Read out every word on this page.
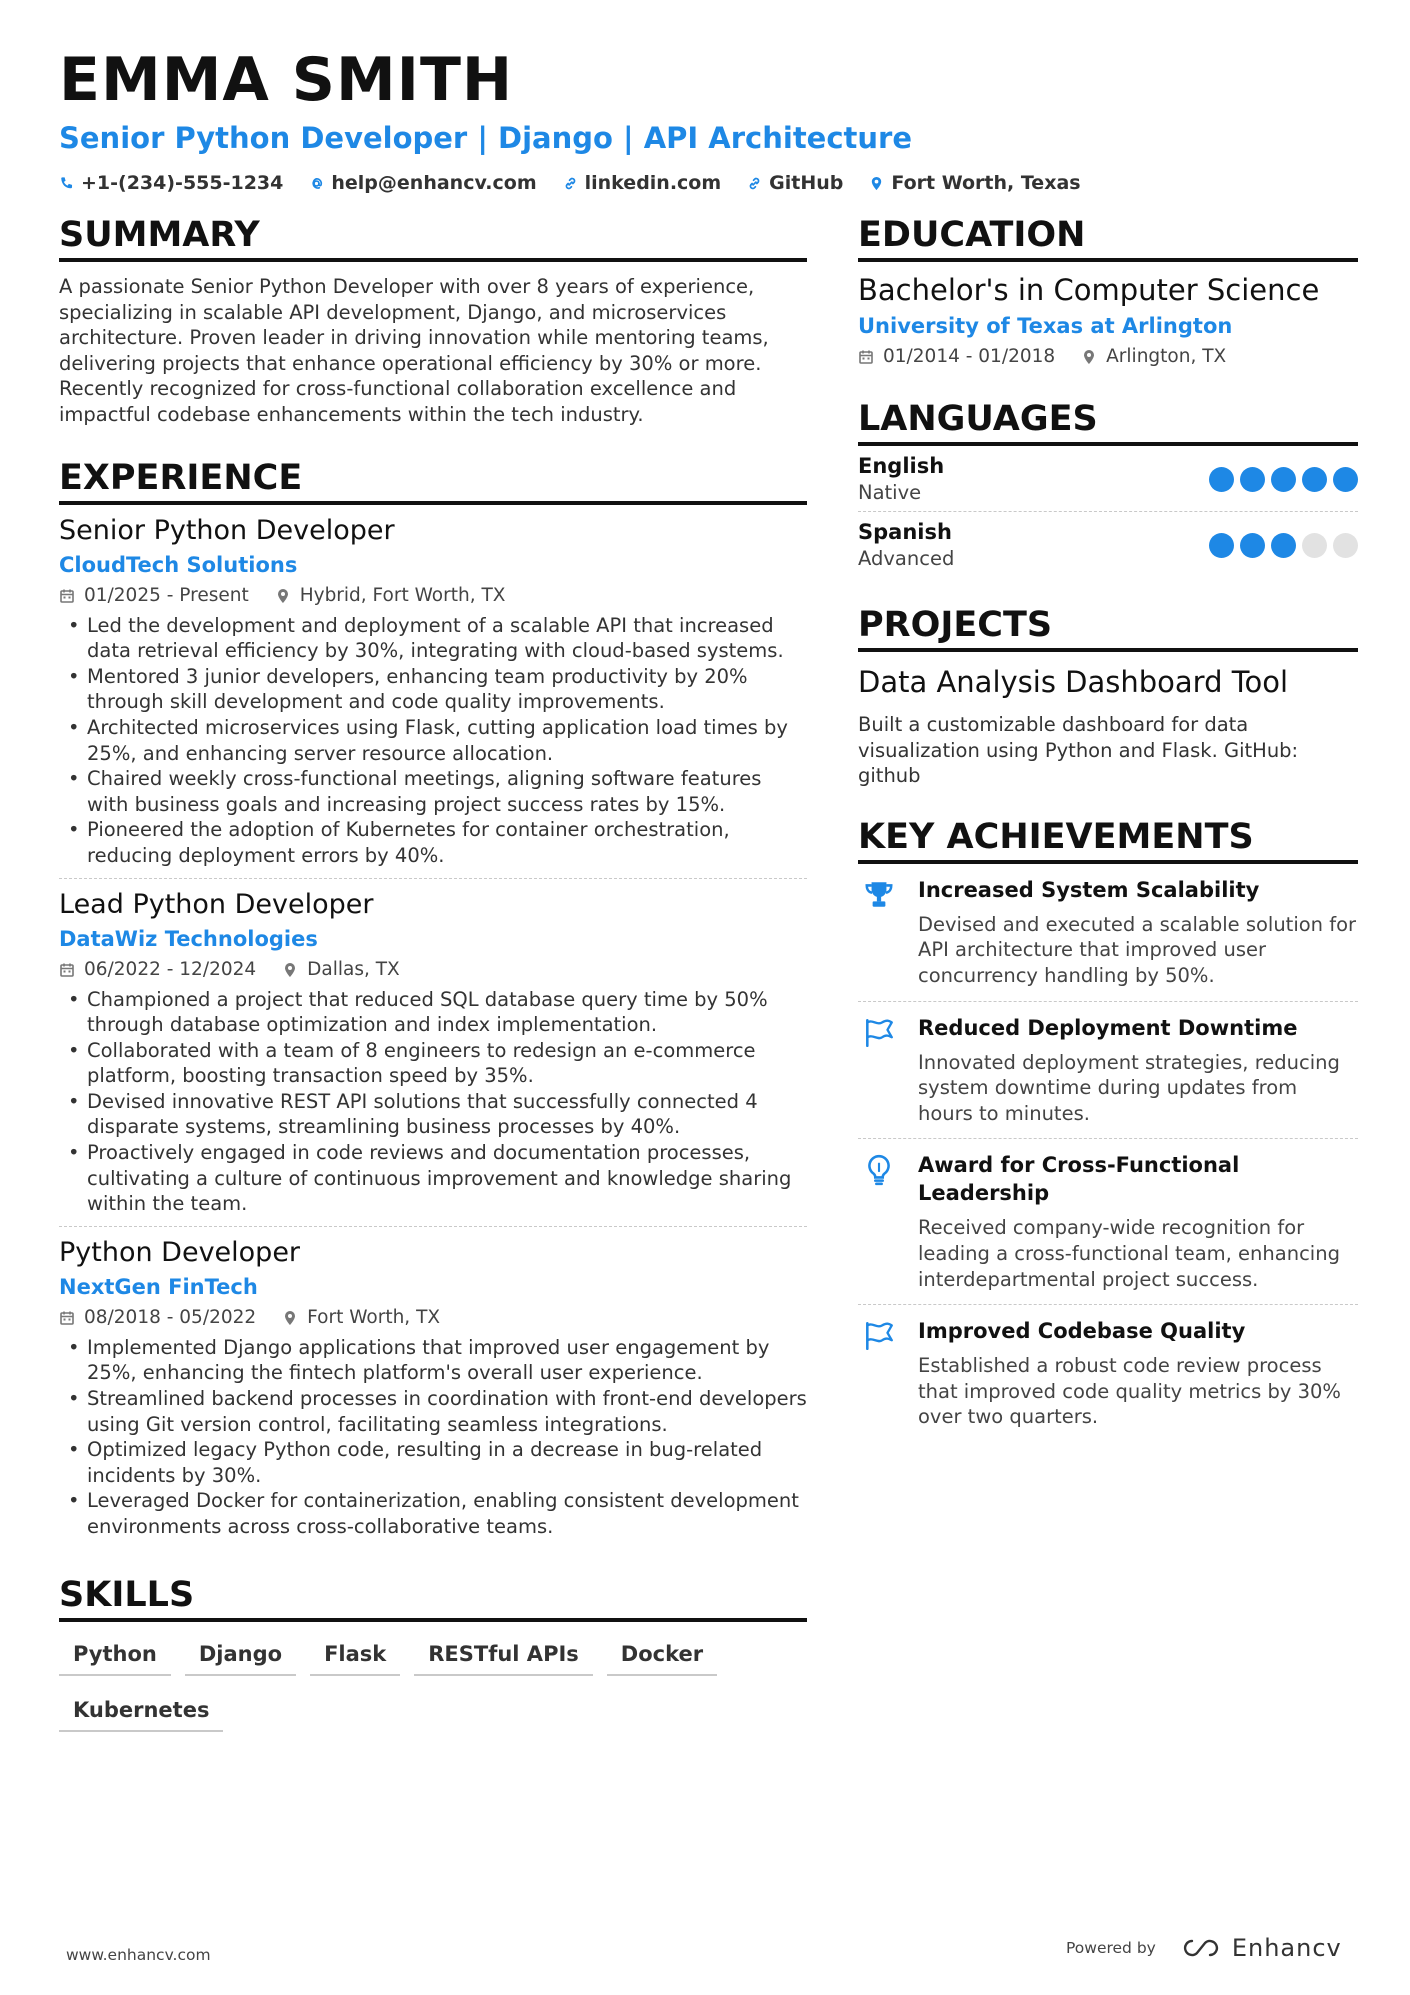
EMMA SMITH
Senior Python Developer | Django | API Architecture
+1-(234)-555-1234	help@enhancv.com	linkedin.com	GitHub	Fort Worth, Texas
SUMMARY

A passionate Senior Python Developer with over 8 years of experience, specializing in scalable API development, Django, and microservices architecture. Proven leader in driving innovation while mentoring teams, delivering projects that enhance operational efficiency by 30% or more. Recently recognized for cross-functional collaboration excellence and impactful codebase enhancements within the tech industry.

EXPERIENCE
Senior Python Developer
CloudTech Solutions
01/2025 - Present	Hybrid, Fort Worth, TX
• Led the development and deployment of a scalable API that increased data retrieval efficiency by 30%, integrating with cloud-based systems.
• Mentored 3 junior developers, enhancing team productivity by 20% through skill development and code quality improvements.
• Architected microservices using Flask, cutting application load times by 25%, and enhancing server resource allocation.
• Chaired weekly cross-functional meetings, aligning software features with business goals and increasing project success rates by 15%.
• Pioneered the adoption of Kubernetes for container orchestration, reducing deployment errors by 40%.
Lead Python Developer
DataWiz Technologies
06/2022 - 12/2024	Dallas, TX
• Championed a project that reduced SQL database query time by 50% through database optimization and index implementation.
• Collaborated with a team of 8 engineers to redesign an e-commerce platform, boosting transaction speed by 35%.
• Devised innovative REST API solutions that successfully connected 4 disparate systems, streamlining business processes by 40%.
• Proactively engaged in code reviews and documentation processes, cultivating a culture of continuous improvement and knowledge sharing within the team.
Python Developer
NextGen FinTech
08/2018 - 05/2022	Fort Worth, TX
• Implemented Django applications that improved user engagement by 25%, enhancing the fintech platform's overall user experience.
• Streamlined backend processes in coordination with front-end developers using Git version control, facilitating seamless integrations.
• Optimized legacy Python code, resulting in a decrease in bug-related incidents by 30%.
• Leveraged Docker for containerization, enabling consistent development environments across cross-collaborative teams.
SKILLS
Python	Django	Flask	RESTful APIs	Docker
Kubernetes
EDUCATION
Bachelor's in Computer Science
University of Texas at Arlington
01/2014 - 01/2018	Arlington, TX
LANGUAGES
English
Native
Spanish
Advanced
PROJECTS
Data Analysis Dashboard Tool

Built a customizable dashboard for data visualization using Python and Flask. GitHub: github

KEY ACHIEVEMENTS
Increased System Scalability
Devised and executed a scalable solution for API architecture that improved user concurrency handling by 50%.
Reduced Deployment Downtime
Innovated deployment strategies, reducing system downtime during updates from hours to minutes.
Award for Cross-Functional Leadership
Received company-wide recognition for leading a cross-functional team, enhancing interdepartmental project success.
Improved Codebase Quality
Established a robust code review process that improved code quality metrics by 30% over two quarters.
www.enhancv.com	Powered by	Enhancv
